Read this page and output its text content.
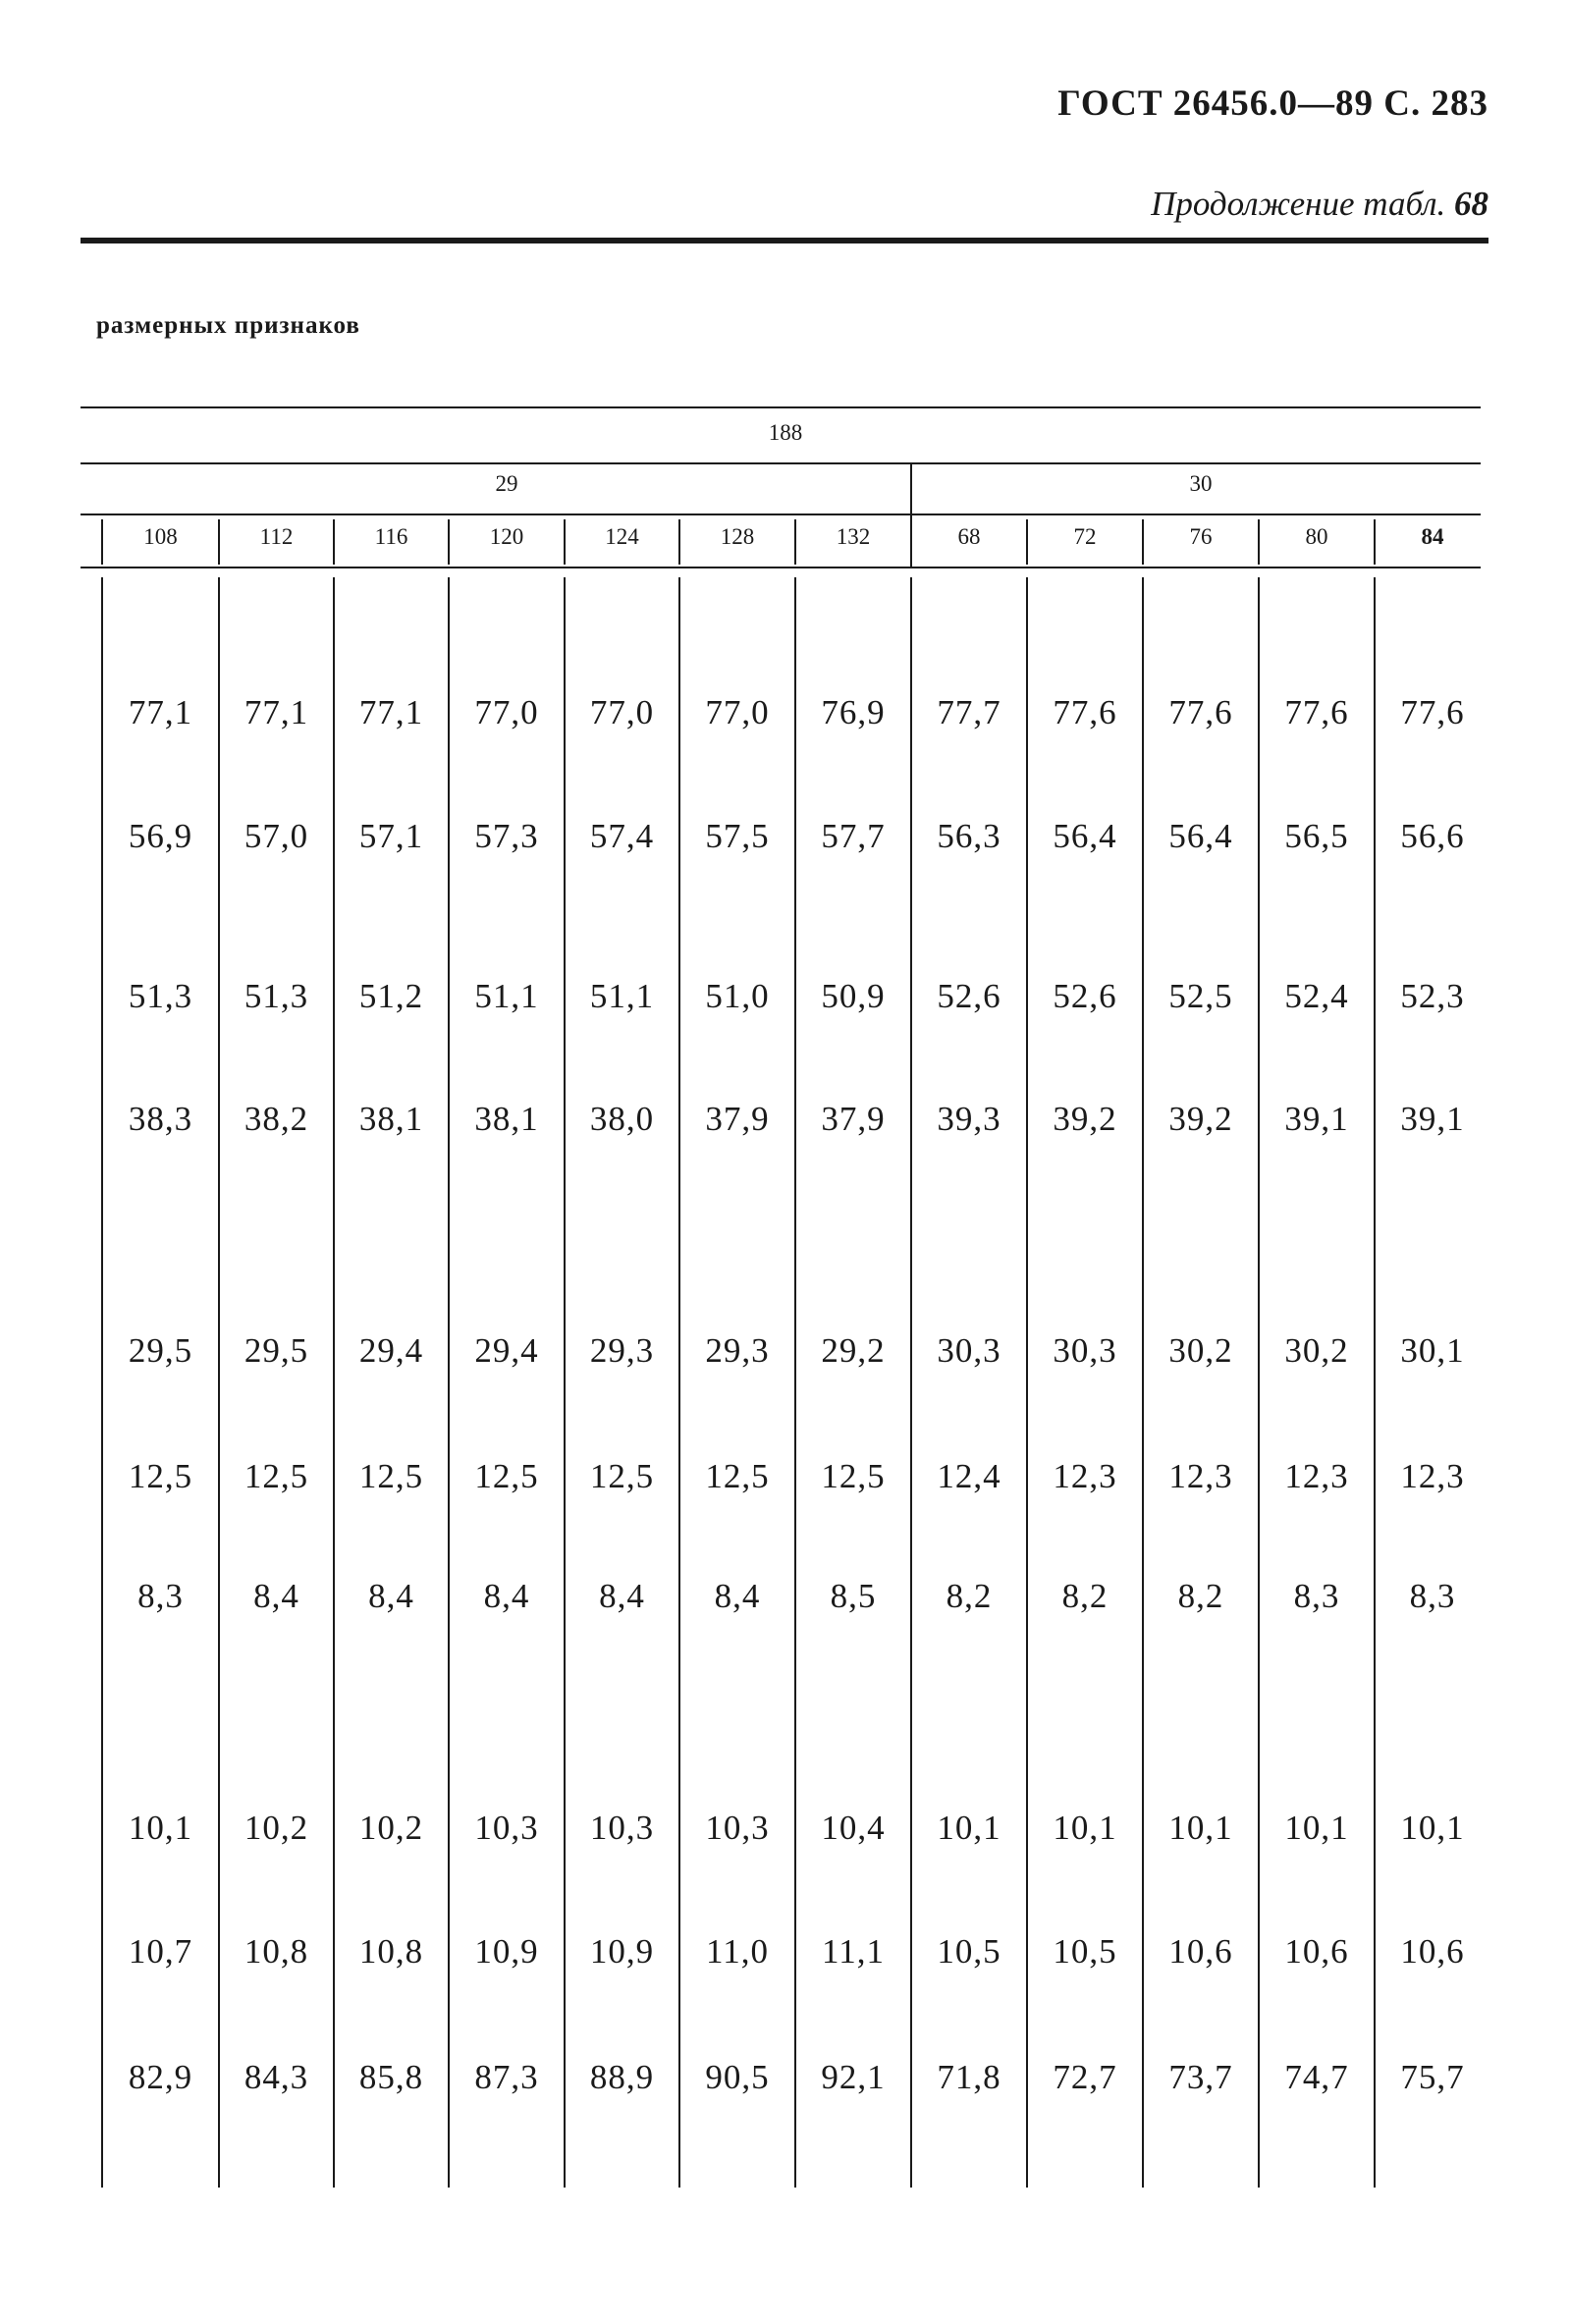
ГОСТ 26456.0—89 С. 283
Продолжение табл. 68
размерных признаков
188
29	30
108	112	116	120	124	128	132	68	72	76	80	84
77,1	77,1	77,1	77,0	77,0	77,0	76,9	77,7	77,6	77,6	77,6	77,6
56,9	57,0	57,1	57,3	57,4	57,5	57,7	56,3	56,4	56,4	56,5	56,6
51,3	51,3	51,2	51,1	51,1	51,0	50,9	52,6	52,6	52,5	52,4	52,3
38,3	38,2	38,1	38,1	38,0	37,9	37,9	39,3	39,2	39,2	39,1	39,1
29,5	29,5	29,4	29,4	29,3	29,3	29,2	30,3	30,3	30,2	30,2	30,1
12,5	12,5	12,5	12,5	12,5	12,5	12,5	12,4	12,3	12,3	12,3	12,3
8,3	8,4	8,4	8,4	8,4	8,4	8,5	8,2	8,2	8,2	8,3	8,3
10,1	10,2	10,2	10,3	10,3	10,3	10,4	10,1	10,1	10,1	10,1	10,1
10,7	10,8	10,8	10,9	10,9	11,0	11,1	10,5	10,5	10,6	10,6	10,6
82,9	84,3	85,8	87,3	88,9	90,5	92,1	71,8	72,7	73,7	74,7	75,7
